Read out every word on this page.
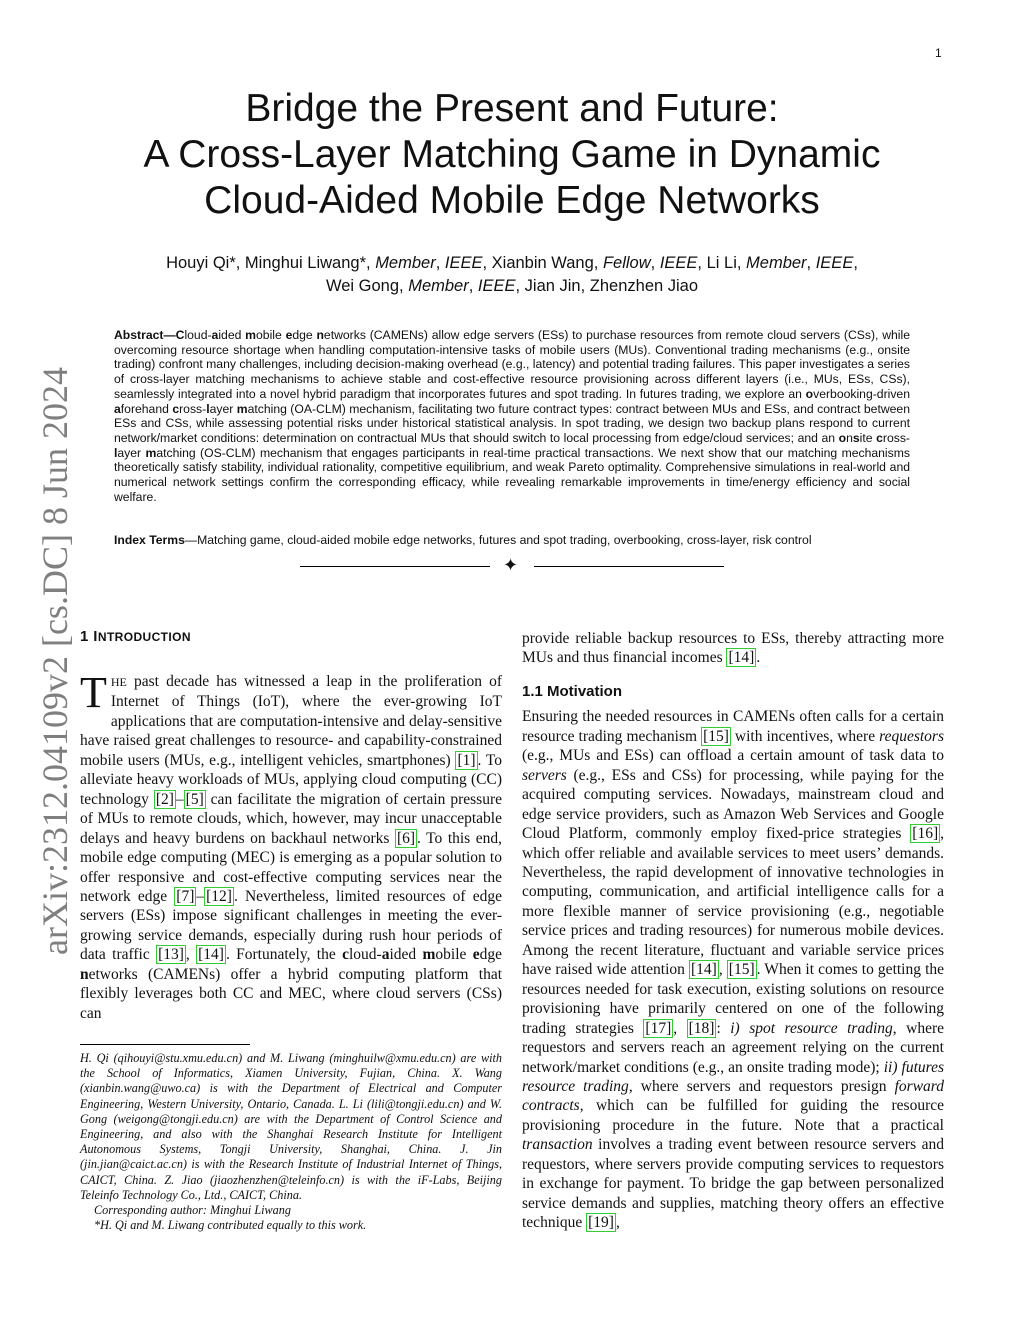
1
arXiv:2312.04109v2 [cs.DC] 8 Jun 2024
Bridge the Present and Future:
A Cross-Layer Matching Game in Dynamic
Cloud-Aided Mobile Edge Networks
Houyi Qi*, Minghui Liwang*, Member, IEEE, Xianbin Wang, Fellow, IEEE, Li Li, Member, IEEE,
Wei Gong, Member, IEEE, Jian Jin, Zhenzhen Jiao
Abstract—Cloud-aided mobile edge networks (CAMENs) allow edge servers (ESs) to purchase resources from remote cloud servers (CSs), while overcoming resource shortage when handling computation-intensive tasks of mobile users (MUs). Conventional trading mechanisms (e.g., onsite trading) confront many challenges, including decision-making overhead (e.g., latency) and potential trading failures. This paper investigates a series of cross-layer matching mechanisms to achieve stable and cost-effective resource provisioning across different layers (i.e., MUs, ESs, CSs), seamlessly integrated into a novel hybrid paradigm that incorporates futures and spot trading. In futures trading, we explore an overbooking-driven aforehand cross-layer matching (OA-CLM) mechanism, facilitating two future contract types: contract between MUs and ESs, and contract between ESs and CSs, while assessing potential risks under historical statistical analysis. In spot trading, we design two backup plans respond to current network/market conditions: determination on contractual MUs that should switch to local processing from edge/cloud services; and an onsite cross-layer matching (OS-CLM) mechanism that engages participants in real-time practical transactions. We next show that our matching mechanisms theoretically satisfy stability, individual rationality, competitive equilibrium, and weak Pareto optimality. Comprehensive simulations in real-world and numerical network settings confirm the corresponding efficacy, while revealing remarkable improvements in time/energy efficiency and social welfare.
Index Terms—Matching game, cloud-aided mobile edge networks, futures and spot trading, overbooking, cross-layer, risk control
✦
1 INTRODUCTION
T HE past decade has witnessed a leap in the proliferation of Internet of Things (IoT), where the ever-growing IoT applications that are computation-intensive and delay-sensitive have raised great challenges to resource- and capability-constrained mobile users (MUs, e.g., intelligent vehicles, smartphones) [1] . To alleviate heavy workloads of MUs, applying cloud computing (CC) technology [2] – [5] can facilitate the migration of certain pressure of MUs to remote clouds, which, however, may incur unacceptable delays and heavy burdens on backhaul networks [6] . To this end, mobile edge computing (MEC) is emerging as a popular solution to offer responsive and cost-effective computing services near the network edge [7] – [12] . Nevertheless, limited resources of edge servers (ESs) impose significant challenges in meeting the ever-growing service demands, especially during rush hour periods of data traffic [13] , [14] . Fortunately, the cloud-aided mobile edge networks (CAMENs) offer a hybrid computing platform that flexibly leverages both CC and MEC, where cloud servers (CSs) can

provide reliable backup resources to ESs, thereby attracting more MUs and thus financial incomes [14] .

1.1 Motivation

Ensuring the needed resources in CAMENs often calls for a certain resource trading mechanism [15] with incentives, where requestors (e.g., MUs and ESs) can offload a certain amount of task data to servers (e.g., ESs and CSs) for processing, while paying for the acquired computing services. Nowadays, mainstream cloud and edge service providers, such as Amazon Web Services and Google Cloud Platform, commonly employ fixed-price strategies [16] , which offer reliable and available services to meet users’ demands. Nevertheless, the rapid development of innovative technologies in computing, communication, and artificial intelligence calls for a more flexible manner of service provisioning (e.g., negotiable service prices and trading resources) for numerous mobile devices. Among the recent literature, fluctuant and variable service prices have raised wide attention [14] , [15] . When it comes to getting the resources needed for task execution, existing solutions on resource provisioning have primarily centered on one of the following trading strategies [17] , [18] : i) spot resource trading, where requestors and servers reach an agreement relying on the current network/market conditions (e.g., an onsite trading mode); ii) futures resource trading, where servers and requestors presign forward contracts, which can be fulfilled for guiding the resource provisioning procedure in the future. Note that a practical transaction involves a trading event between resource servers and requestors, where servers provide computing services to requestors in exchange for payment. To bridge the gap between personalized service demands and supplies, matching theory offers an effective technique [19] ,

H. Qi (qihouyi@stu.xmu.edu.cn) and M. Liwang (minghuilw@xmu.edu.cn) are with the School of Informatics, Xiamen University, Fujian, China. X. Wang (xianbin.wang@uwo.ca) is with the Department of Electrical and Computer Engineering, Western University, Ontario, Canada. L. Li (lili@tongji.edu.cn) and W. Gong (weigong@tongji.edu.cn) are with the Department of Control Science and Engineering, and also with the Shanghai Research Institute for Intelligent Autonomous Systems, Tongji University, Shanghai, China. J. Jin (jin.jian@caict.ac.cn) is with the Research Institute of Industrial Internet of Things, CAICT, China. Z. Jiao (jiaozhenzhen@teleinfo.cn) is with the iF-Labs, Beijing Teleinfo Technology Co., Ltd., CAICT, China.

Corresponding author: Minghui Liwang

*H. Qi and M. Liwang contributed equally to this work.
